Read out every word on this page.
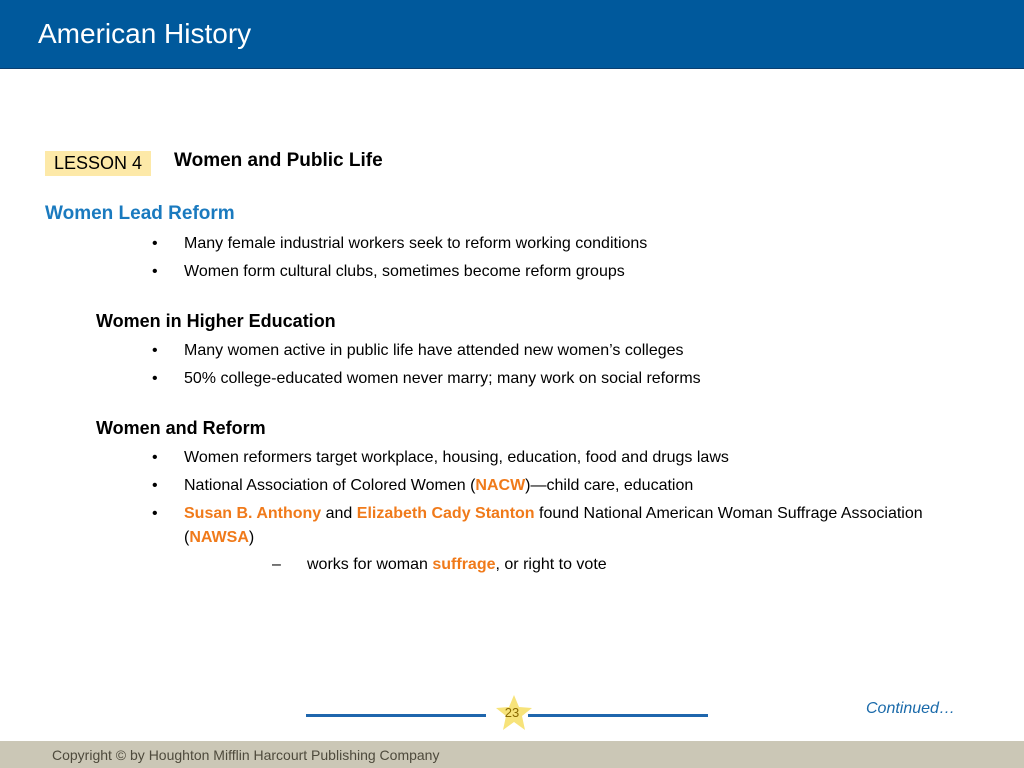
American History
LESSON 4	Women and Public Life
Women Lead Reform
• Many female industrial workers seek to reform working conditions
• Women form cultural clubs, sometimes become reform groups
Women in Higher Education
• Many women active in public life have attended new women’s colleges
• 50% college-educated women never marry; many work on social reforms
Women and Reform
• Women reformers target workplace, housing, education, food and drugs laws
• National Association of Colored Women (NACW)—child care, education
• Susan B. Anthony and Elizabeth Cady Stanton found National American Woman Suffrage Association (NAWSA)
– works for woman suffrage, or right to vote
23	Continued…
Copyright © by Houghton Mifflin Harcourt Publishing Company
